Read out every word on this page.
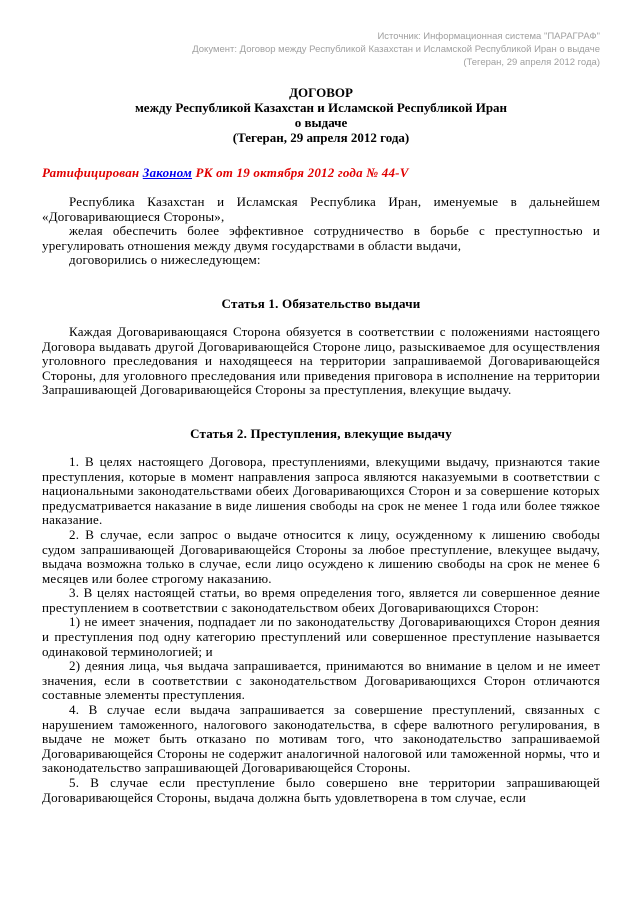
Источник: Информационная система "ПАРАГРАФ"
Документ: Договор между Республикой Казахстан и Исламской Республикой Иран о выдаче
(Тегеран, 29 апреля 2012 года)
ДОГОВОР
между Республикой Казахстан и Исламской Республикой Иран
о выдаче
(Тегеран, 29 апреля 2012 года)

Ратифицирован Законом РК от 19 октября 2012 года № 44-V

Республика Казахстан и Исламская Республика Иран, именуемые в дальнейшем «Договаривающиеся Стороны»,

желая обеспечить более эффективное сотрудничество в борьбе с преступностью и урегулировать отношения между двумя государствами в области выдачи,

договорились о нижеследующем:

Статья 1. Обязательство выдачи

Каждая Договаривающаяся Сторона обязуется в соответствии с положениями настоящего Договора выдавать другой Договаривающейся Стороне лицо, разыскиваемое для осуществления уголовного преследования и находящееся на территории запрашиваемой Договаривающейся Стороны, для уголовного преследования или приведения приговора в исполнение на территории Запрашивающей Договаривающейся Стороны за преступления, влекущие выдачу.

Статья 2. Преступления, влекущие выдачу

1. В целях настоящего Договора, преступлениями, влекущими выдачу, признаются такие преступления, которые в момент направления запроса являются наказуемыми в соответствии с национальными законодательствами обеих Договаривающихся Сторон и за совершение которых предусматривается наказание в виде лишения свободы на срок не менее 1 года или более тяжкое наказание.

2. В случае, если запрос о выдаче относится к лицу, осужденному к лишению свободы судом запрашивающей Договаривающейся Стороны за любое преступление, влекущее выдачу, выдача возможна только в случае, если лицо осуждено к лишению свободы на срок не менее 6 месяцев или более строгому наказанию.

3. В целях настоящей статьи, во время определения того, является ли совершенное деяние преступлением в соответствии с законодательством обеих Договаривающихся Сторон:

1) не имеет значения, подпадает ли по законодательству Договаривающихся Сторон деяния и преступления под одну категорию преступлений или совершенное преступление называется одинаковой терминологией; и

2) деяния лица, чья выдача запрашивается, принимаются во внимание в целом и не имеет значения, если в соответствии с законодательством Договаривающихся Сторон отличаются составные элементы преступления.

4. В случае если выдача запрашивается за совершение преступлений, связанных с нарушением таможенного, налогового законодательства, в сфере валютного регулирования, в выдаче не может быть отказано по мотивам того, что законодательство запрашиваемой Договаривающейся Стороны не содержит аналогичной налоговой или таможенной нормы, что и законодательство запрашивающей Договаривающейся Стороны.

5. В случае если преступление было совершено вне территории запрашивающей Договаривающейся Стороны, выдача должна быть удовлетворена в том случае, если
